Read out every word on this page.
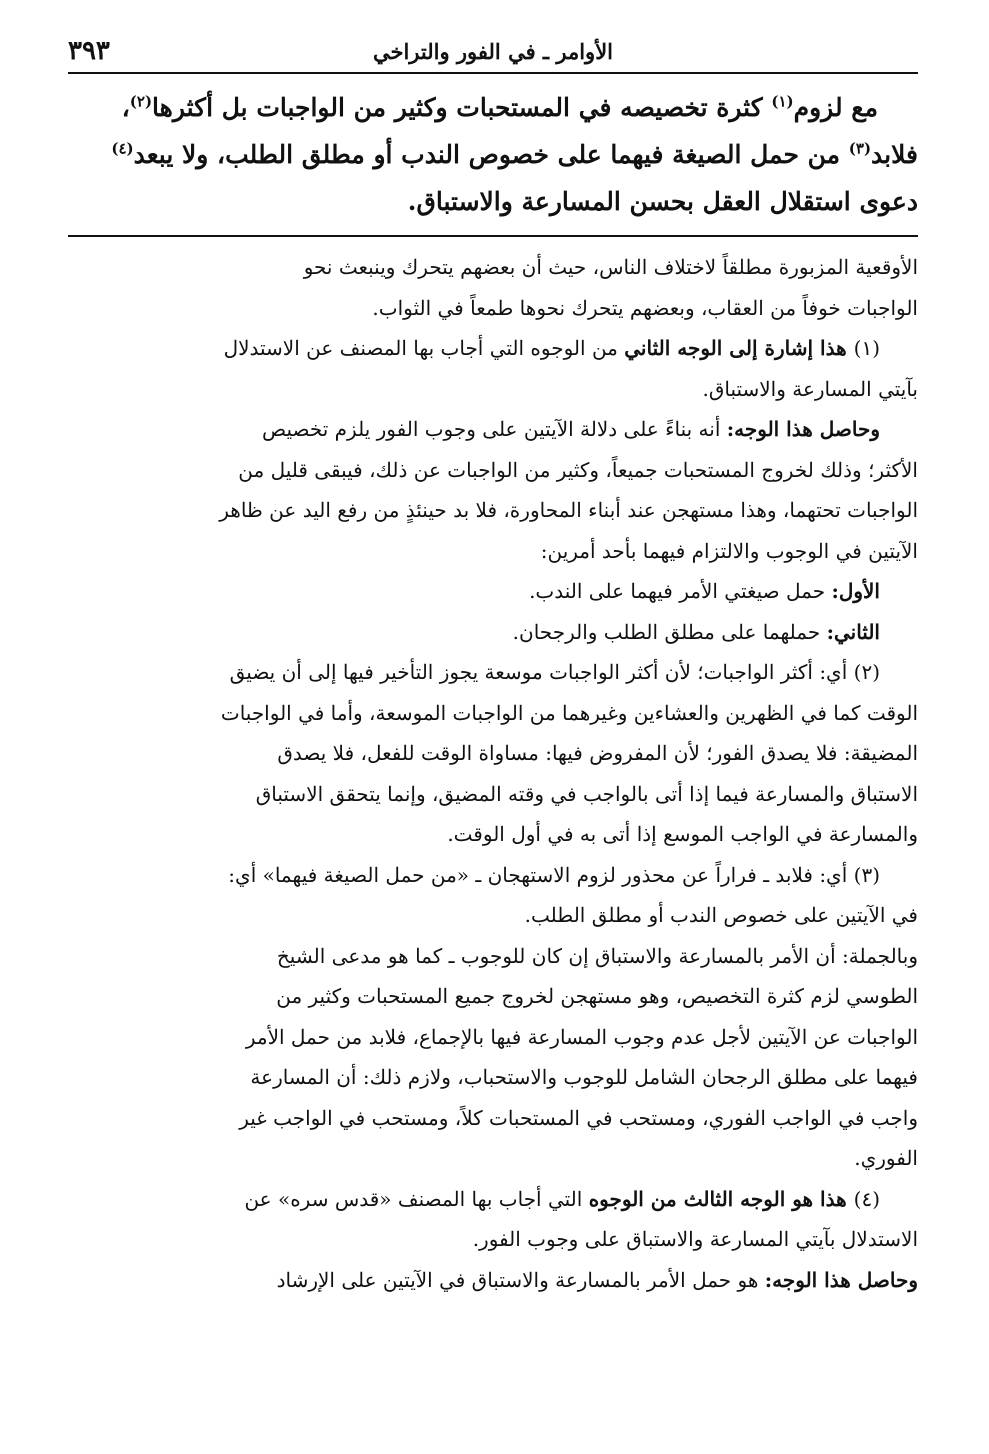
الأوامر ـ في الفور والتراخي
٣٩٣
مع لزوم$^{(١)}$ كثرة تخصيصه في المستحبات وكثير من الواجبات بل أكثرها$^{(٢)}$،
فلابد$^{(٣)}$ من حمل الصيغة فيهما على خصوص الندب أو مطلق الطلب، ولا يبعد$^{(٤)}$
دعوى استقلال العقل بحسن المسارعة والاستباق.
الأوقعية المزبورة مطلقاً لاختلاف الناس، حيث أن بعضهم يتحرك وينبعث نحو
الواجبات خوفاً من العقاب، وبعضهم يتحرك نحوها طمعاً في الثواب.
(١) هذا إشارة إلى الوجه الثاني من الوجوه التي أجاب بها المصنف عن الاستدلال
بآيتي المسارعة والاستباق.
وحاصل هذا الوجه: أنه بناءً على دلالة الآيتين على وجوب الفور يلزم تخصيص
الأكثر؛ وذلك لخروج المستحبات جميعاً، وكثير من الواجبات عن ذلك، فيبقى قليل من
الواجبات تحتهما، وهذا مستهجن عند أبناء المحاورة، فلا بد حينئذٍ من رفع اليد عن ظاهر
الآيتين في الوجوب والالتزام فيهما بأحد أمرين:
الأول: حمل صيغتي الأمر فيهما على الندب.
الثاني: حملهما على مطلق الطلب والرجحان.
(٢) أي: أكثر الواجبات؛ لأن أكثر الواجبات موسعة يجوز التأخير فيها إلى أن يضيق
الوقت كما في الظهرين والعشاءين وغيرهما من الواجبات الموسعة، وأما في الواجبات
المضيقة: فلا يصدق الفور؛ لأن المفروض فيها: مساواة الوقت للفعل، فلا يصدق
الاستباق والمسارعة فيما إذا أتى بالواجب في وقته المضيق، وإنما يتحقق الاستباق
والمسارعة في الواجب الموسع إذا أتى به في أول الوقت.
(٣) أي: فلابد ـ فراراً عن محذور لزوم الاستهجان ـ «من حمل الصيغة فيهما» أي:
في الآيتين على خصوص الندب أو مطلق الطلب.
وبالجملة: أن الأمر بالمسارعة والاستباق إن كان للوجوب ـ كما هو مدعى الشيخ
الطوسي لزم كثرة التخصيص، وهو مستهجن لخروج جميع المستحبات وكثير من
الواجبات عن الآيتين لأجل عدم وجوب المسارعة فيها بالإجماع، فلابد من حمل الأمر
فيهما على مطلق الرجحان الشامل للوجوب والاستحباب، ولازم ذلك: أن المسارعة
واجب في الواجب الفوري، ومستحب في المستحبات كلاً، ومستحب في الواجب غير
الفوري.
(٤) هذا هو الوجه الثالث من الوجوه التي أجاب بها المصنف «قدس سره» عن
الاستدلال بآيتي المسارعة والاستباق على وجوب الفور.
وحاصل هذا الوجه: هو حمل الأمر بالمسارعة والاستباق في الآيتين على الإرشاد
